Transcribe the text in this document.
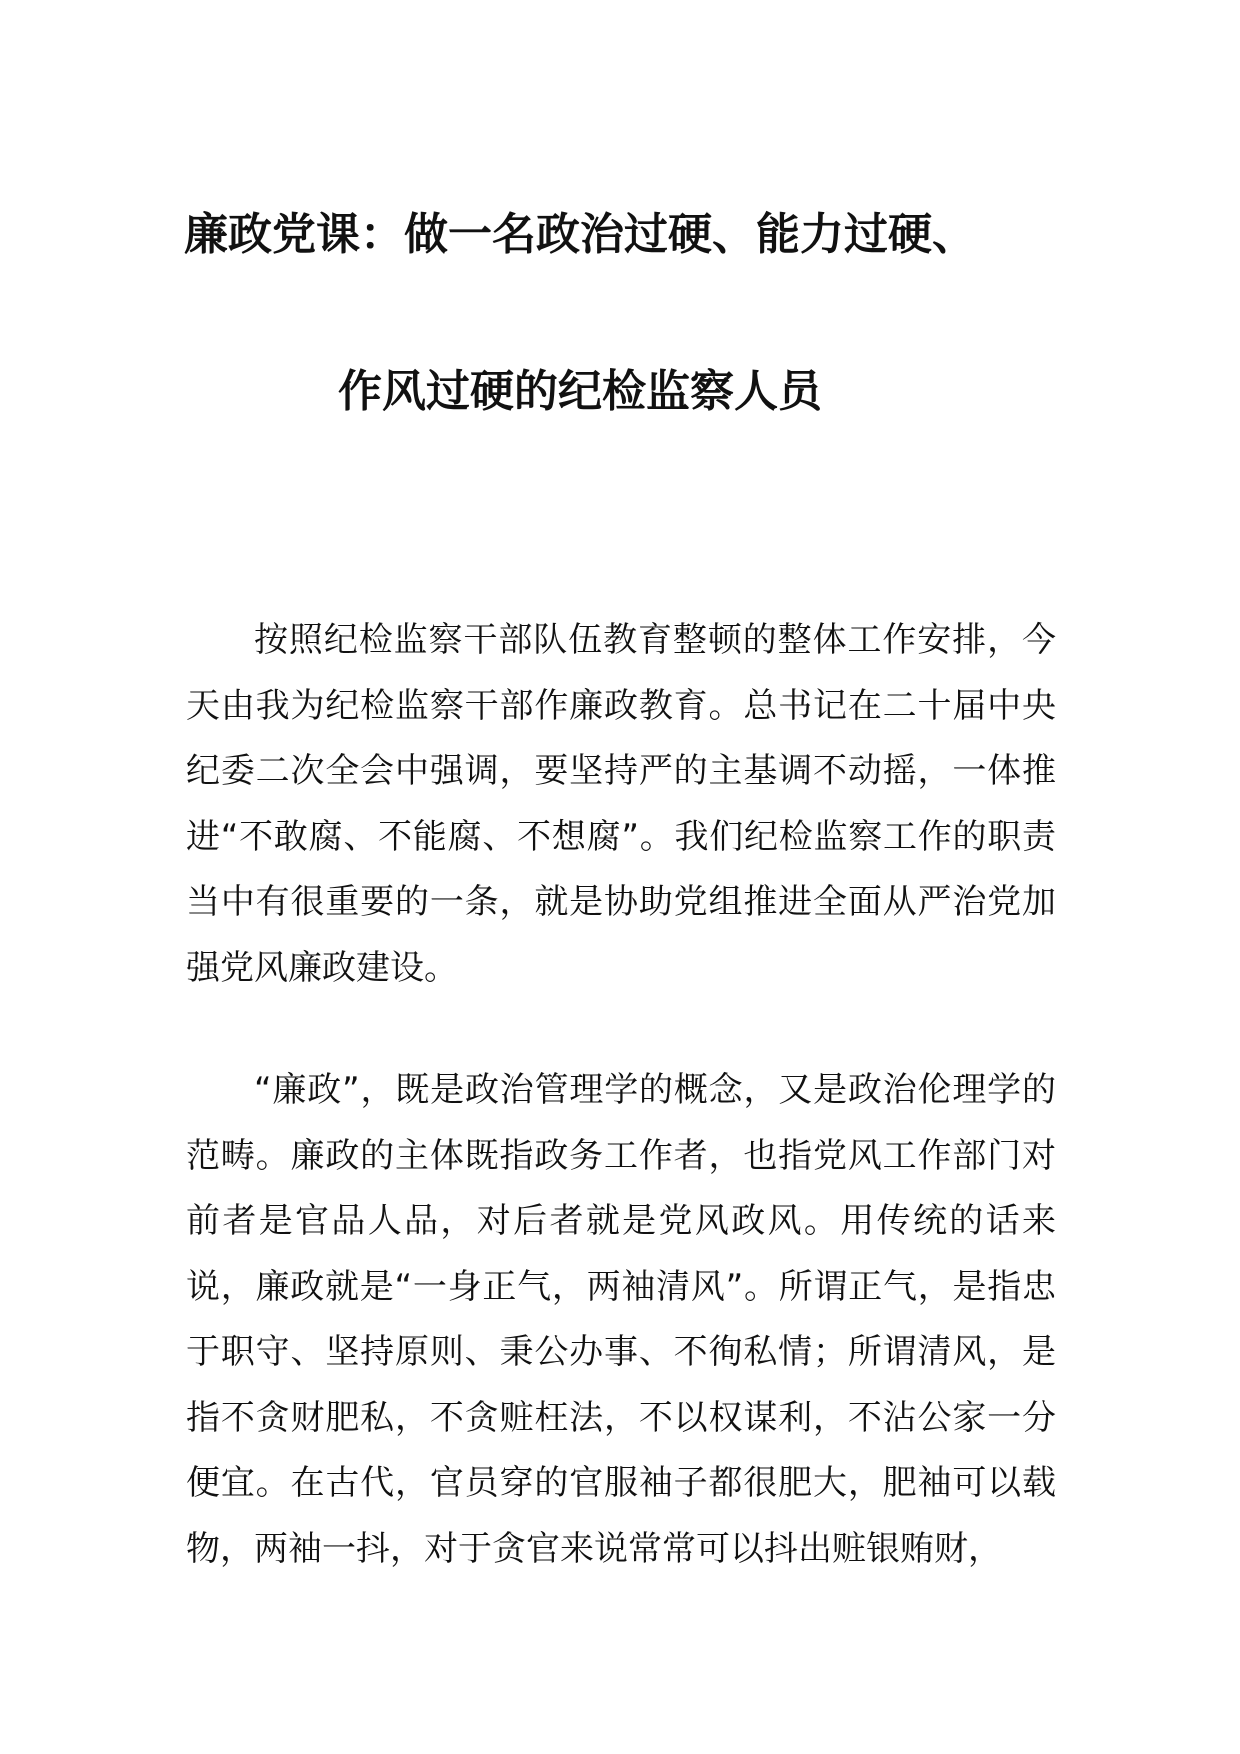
廉政党课：做一名政治过硬、能力过硬、
作风过硬的纪检监察人员

按照纪检监察干部队伍教育整顿的整体工作安排，今天由我为纪检监察干部作廉政教育。总书记在二十届中央纪委二次全会中强调，要坚持严的主基调不动摇，一体推进“不敢腐、不能腐、不想腐”。我们纪检监察工作的职责当中有很重要的一条，就是协助党组推进全面从严治党加强党风廉政建设。

“廉政”，既是政治管理学的概念，又是政治伦理学的范畴。廉政的主体既指政务工作者，也指党风工作部门对前者是官品人品，对后者就是党风政风。用传统的话来说，廉政就是“一身正气，两袖清风”。所谓正气，是指忠于职守、坚持原则、秉公办事、不徇私情；所谓清风，是指不贪财肥私，不贪赃枉法，不以权谋利，不沾公家一分便宜。在古代，官员穿的官服袖子都很肥大，肥袖可以载物，两袖一抖，对于贪官来说常常可以抖出赃银贿财，
